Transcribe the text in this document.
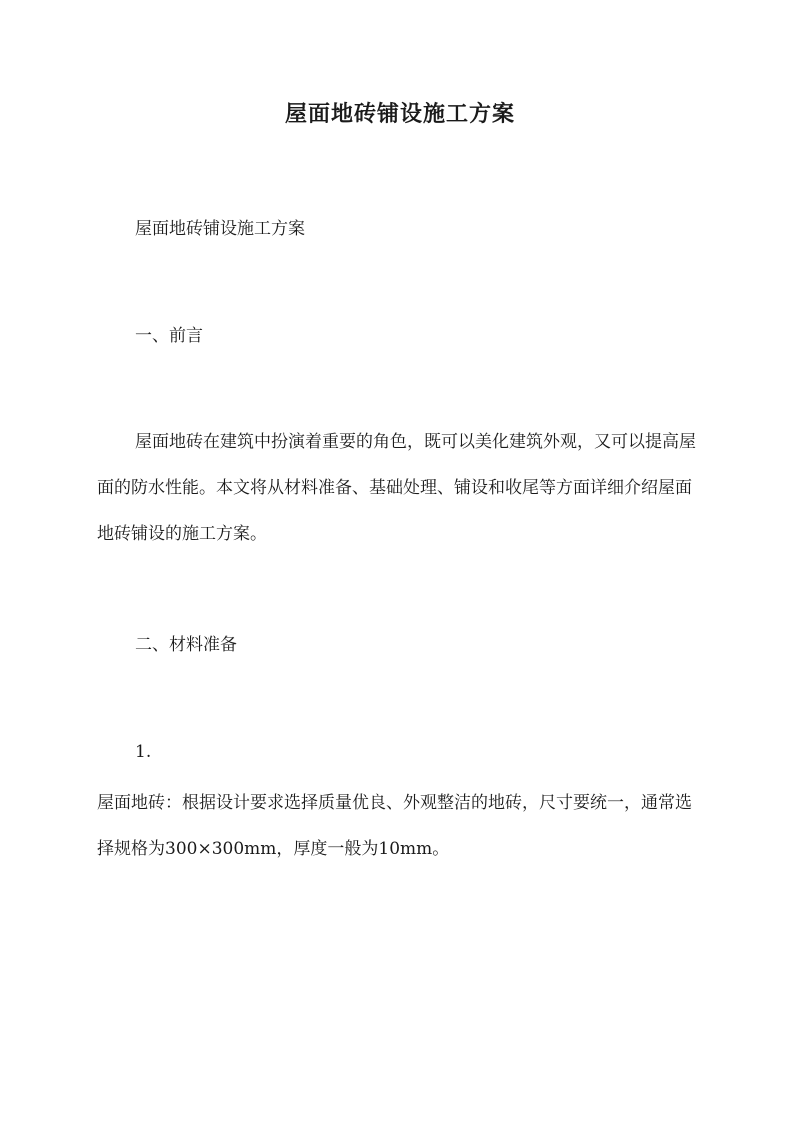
屋面地砖铺设施工方案

屋面地砖铺设施工方案

一、前言

屋面地砖在建筑中扮演着重要的角色，既可以美化建筑外观，又可以提高屋面的防水性能。本文将从材料准备、基础处理、铺设和收尾等方面详细介绍屋面地砖铺设的施工方案。

二、材料准备

1.

屋面地砖：根据设计要求选择质量优良、外观整洁的地砖，尺寸要统一，通常选择规格为300×300mm，厚度一般为10mm。
